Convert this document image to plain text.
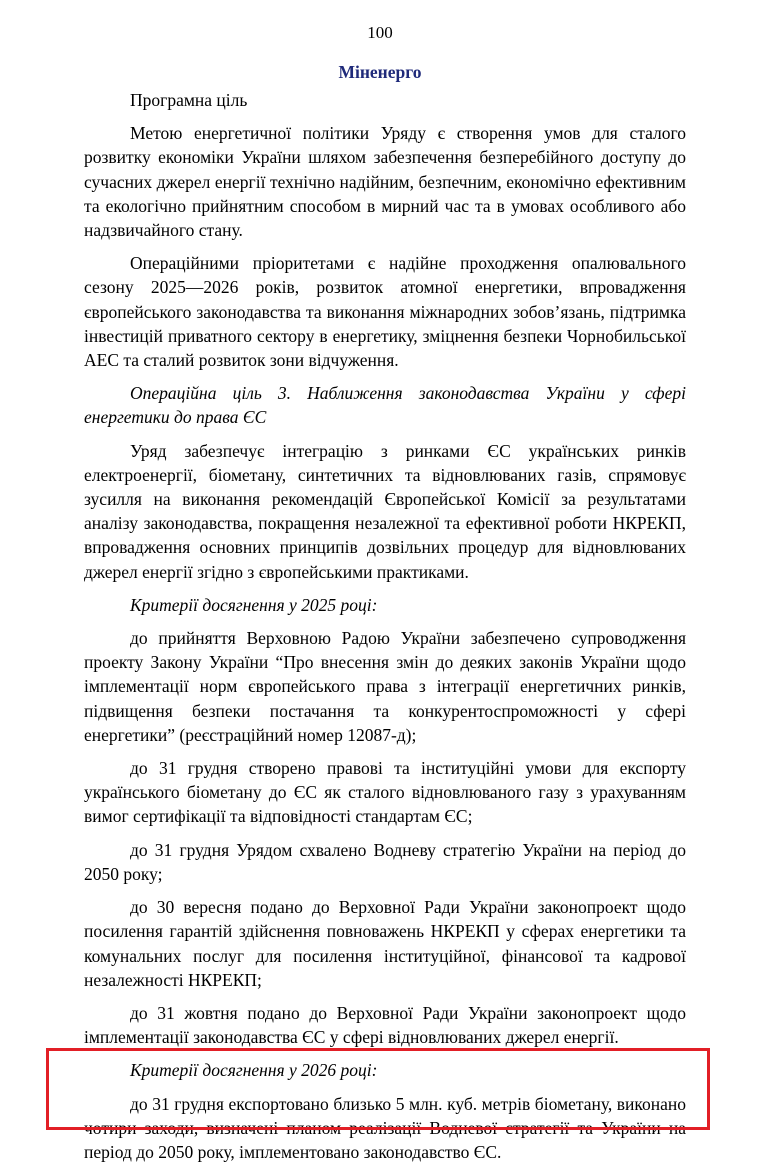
100
Міненерго

Програмна ціль

Метою енергетичної політики Уряду є створення умов для сталого розвитку економіки України шляхом забезпечення безперебійного доступу до сучасних джерел енергії технічно надійним, безпечним, економічно ефективним та екологічно прийнятним способом в мирний час та в умовах особливого або надзвичайного стану.

Операційними пріоритетами є надійне проходження опалювального сезону 2025—2026 років, розвиток атомної енергетики, впровадження європейського законодавства та виконання міжнародних зобов’язань, підтримка інвестицій приватного сектору в енергетику, зміцнення безпеки Чорнобильської АЕС та сталий розвиток зони відчуження.

Операційна ціль 3. Наближення законодавства України у сфері енергетики до права ЄС

Уряд забезпечує інтеграцію з ринками ЄС українських ринків електроенергії, біометану, синтетичних та відновлюваних газів, спрямовує зусилля на виконання рекомендацій Європейської Комісії за результатами аналізу законодавства, покращення незалежної та ефективної роботи НКРЕКП, впровадження основних принципів дозвільних процедур для відновлюваних джерел енергії згідно з європейськими практиками.

Критерії досягнення у 2025 році:

до прийняття Верховною Радою України забезпечено супроводження проекту Закону України “Про внесення змін до деяких законів України щодо імплементації норм європейського права з інтеграції енергетичних ринків, підвищення безпеки постачання та конкурентоспроможності у сфері енергетики” (реєстраційний номер 12087-д);

до 31 грудня створено правові та інституційні умови для експорту українського біометану до ЄС як сталого відновлюваного газу з урахуванням вимог сертифікації та відповідності стандартам ЄС;

до 31 грудня Урядом схвалено Водневу стратегію України на період до 2050 року;

до 30 вересня подано до Верховної Ради України законопроект щодо посилення гарантій здійснення повноважень НКРЕКП у сферах енергетики та комунальних послуг для посилення інституційної, фінансової та кадрової незалежності НКРЕКП;

до 31 жовтня подано до Верховної Ради України законопроект щодо імплементації законодавства ЄС у сфері відновлюваних джерел енергії.

Критерії досягнення у 2026 році:

до 31 грудня експортовано близько 5 млн. куб. метрів біометану, виконано чотири заходи, визначені планом реалізації Водневої стратегії та України на період до 2050 року, імплементовано законодавство ЄС.
